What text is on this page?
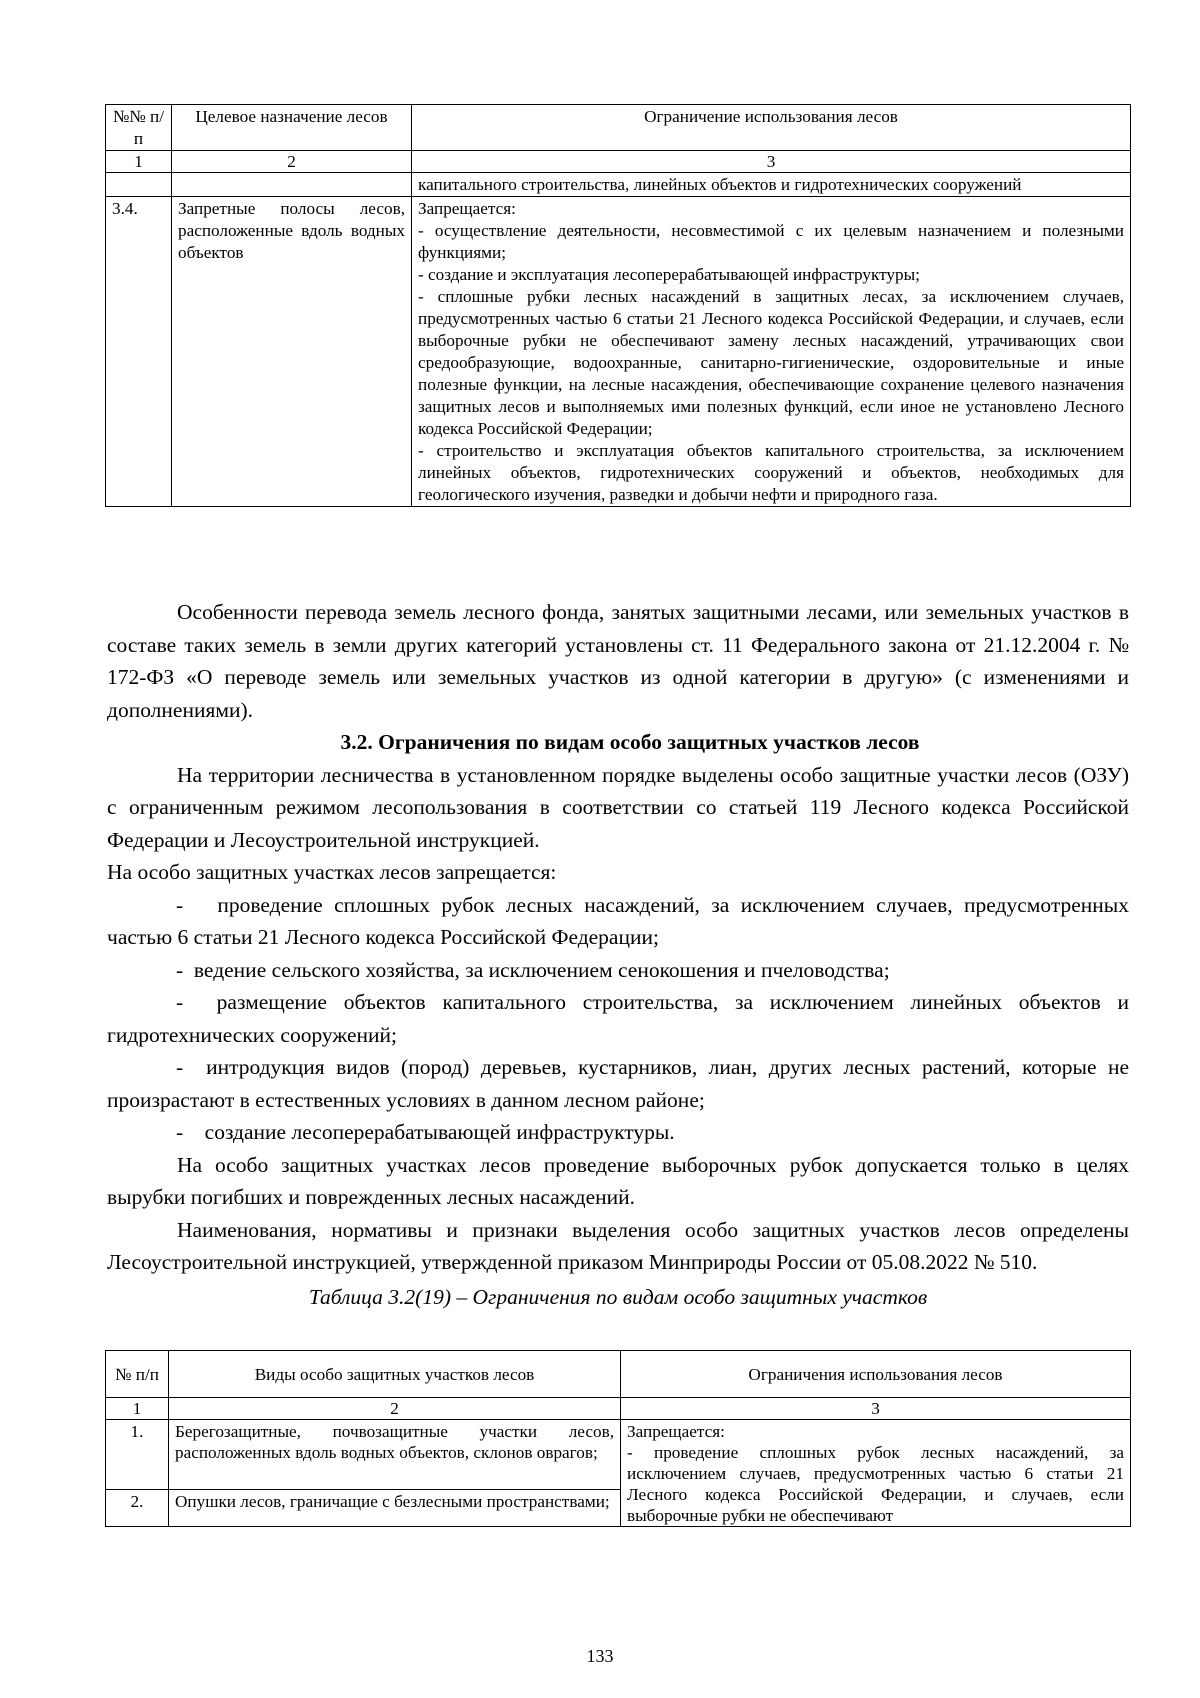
№№ п/п	Целевое назначение лесов	Ограничение использования лесов
1	2	3
		капитального строительства, линейных объектов и гидротехнических сооружений
3.4.	Запретные полосы лесов, расположенные вдоль водных объектов	Запрещается:

- осуществление деятельности, несовместимой с их целевым назначением и полезными функциями;

- создание и эксплуатация лесоперерабатывающей инфраструктуры;

- сплошные рубки лесных насаждений в защитных лесах, за исключением случаев, предусмотренных частью 6 статьи 21 Лесного кодекса Российской Федерации, и случаев, если выборочные рубки не обеспечивают замену лесных насаждений, утрачивающих свои средообразующие, водоохранные, санитарно-гигиенические, оздоровительные и иные полезные функции, на лесные насаждения, обеспечивающие сохранение целевого назначения защитных лесов и выполняемых ими полезных функций, если иное не установлено Лесного кодекса Российской Федерации;

- строительство и эксплуатация объектов капитального строительства, за исключением линейных объектов, гидротехнических сооружений и объектов, необходимых для геологического изучения, разведки и добычи нефти и природного газа.

Особенности перевода земель лесного фонда, занятых защитными лесами, или земельных участков в составе таких земель в земли других категорий установлены ст. 11 Федерального закона от 21.12.2004 г. № 172-ФЗ «О переводе земель или земельных участков из одной категории в другую» (с изменениями и дополнениями).

3.2. Ограничения по видам особо защитных участков лесов

На территории лесничества в установленном порядке выделены особо защитные участки лесов (ОЗУ) с ограниченным режимом лесопользования в соответствии со статьей 119 Лесного кодекса Российской Федерации и Лесоустроительной инструкцией.

На особо защитных участках лесов запрещается:

-   проведение сплошных рубок лесных насаждений, за исключением случаев, предусмотренных частью 6 статьи 21 Лесного кодекса Российской Федерации;

-  ведение сельского хозяйства, за исключением сенокошения и пчеловодства;

-  размещение объектов капитального строительства, за исключением линейных объектов и гидротехнических сооружений;

-  интродукция видов (пород) деревьев, кустарников, лиан, других лесных растений, которые не произрастают в естественных условиях в данном лесном районе;

-    создание лесоперерабатывающей инфраструктуры.

На особо защитных участках лесов проведение выборочных рубок допускается только в целях вырубки погибших и поврежденных лесных насаждений.

Наименования, нормативы и признаки выделения особо защитных участков лесов определены Лесоустроительной инструкцией, утвержденной приказом Минприроды России от 05.08.2022 № 510.

Таблица 3.2(19) – Ограничения по видам особо защитных участков

№ п/п	Виды особо защитных участков лесов	Ограничения использования лесов
1	2	3
1.	Берегозащитные, почвозащитные участки лесов, расположенных вдоль водных объектов, склонов оврагов;	Запрещается:
- проведение сплошных рубок лесных насаждений, за исключением случаев, предусмотренных частью 6 статьи 21 Лесного кодекса Российской Федерации, и случаев, если выборочные рубки не обеспечивают
2.	Опушки лесов, граничащие с безлесными пространствами;	
133
